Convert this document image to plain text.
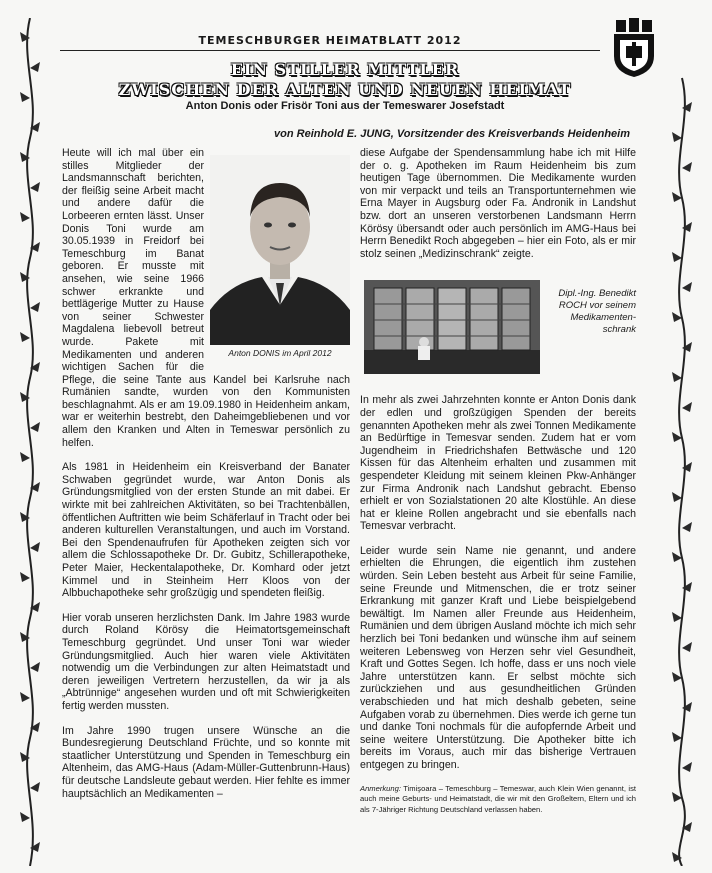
TEMESCHBURGER HEIMATBLATT 2012
EIN STILLER MITTLER
ZWISCHEN DER ALTEN UND NEUEN HEIMAT
Anton Donis oder Frisör Toni aus der Temeswarer Josefstadt
von Reinhold E. JUNG, Vorsitzender des Kreisverbands Heidenheim
Anton DONIS im April 2012

Heute will ich mal über ein stilles Mitglieder der Landsmannschaft berichten, der fleißig seine Arbeit macht und andere dafür die Lorbeeren ernten lässt. Unser Donis Toni wurde am 30.05.1939 in Freidorf bei Temeschburg im Banat geboren. Er musste mit ansehen, wie seine 1966 schwer erkrankte und bettlägerige Mutter zu Hause von seiner Schwester Magdalena liebevoll betreut wurde. Pakete mit Medikamenten und anderen wichtigen Sachen für die Pflege, die seine Tante aus Kandel bei Karlsruhe nach Rumänien sandte, wurden von den Kommunisten beschlagnahmt. Als er am 19.09.1980 in Heidenheim ankam, war er weiterhin bestrebt, den Daheimgebliebenen und vor allem den Kranken und Alten in Temeswar persönlich zu helfen.

Als 1981 in Heidenheim ein Kreisverband der Banater Schwaben gegründet wurde, war Anton Donis als Gründungsmitglied von der ersten Stunde an mit dabei. Er wirkte mit bei zahlreichen Aktivitäten, so bei Trachtenbällen, öffentlichen Auftritten wie beim Schäferlauf in Tracht oder bei anderen kulturellen Veranstaltungen, und auch im Vorstand. Bei den Spendenaufrufen für Apotheken zeigten sich vor allem die Schlossapotheke Dr. Dr. Gubitz, Schillerapotheke, Peter Maier, Heckentalapotheke, Dr. Komhard oder jetzt Kimmel und in Steinheim Herr Kloos von der Albbuchapotheke sehr großzügig und spendeten fleißig.

Hier vorab unseren herzlichsten Dank. Im Jahre 1983 wurde durch Roland Körösy die Heimatortsgemeinschaft Temeschburg gegründet. Und unser Toni war wieder Gründungsmitglied. Auch hier waren viele Aktivitäten notwendig um die Verbindungen zur alten Heimatstadt und deren jeweiligen Vertretern herzustellen, da wir ja als „Abtrünnige“ angesehen wurden und oft mit Schwierigkeiten fertig werden mussten.

Im Jahre 1990 trugen unsere Wünsche an die Bundesregierung Deutschland Früchte, und so konnte mit staatlicher Unterstützung und Spenden in Temeschburg ein Altenheim, das AMG-Haus (Adam-Müller-Guttenbrunn-Haus) für deutsche Landsleute gebaut werden. Hier fehlte es immer hauptsächlich an Medikamenten –

diese Aufgabe der Spendensammlung habe ich mit Hilfe der o. g. Apotheken im Raum Heidenheim bis zum heutigen Tage übernommen. Die Medikamente wurden von mir verpackt und teils an Transportunternehmen wie Erna Mayer in Augsburg oder Fa. Andronik in Landshut bzw. dort an unseren verstorbenen Landsmann Herrn Körösy übersandt oder auch persönlich im AMG-Haus bei Herrn Benedikt Roch abgegeben – hier ein Foto, als er mir stolz seinen „Medizinschrank“ zeigte.

Dipl.-Ing. Benedikt ROCH vor seinem Medikamenten-schrank

In mehr als zwei Jahrzehnten konnte er Anton Donis dank der edlen und großzügigen Spenden der bereits genannten Apotheken mehr als zwei Tonnen Medikamente an Bedürftige in Temesvar senden. Zudem hat er vom Jugendheim in Friedrichshafen Bettwäsche und 120 Kissen für das Altenheim erhalten und zusammen mit gespendeter Kleidung mit seinem kleinen Pkw-Anhänger zur Firma Andronik nach Landshut gebracht. Ebenso erhielt er von Sozialstationen 20 alte Klostühle. An diese hat er kleine Rollen angebracht und sie ebenfalls nach Temesvar verbracht.

Leider wurde sein Name nie genannt, und andere erhielten die Ehrungen, die eigentlich ihm zustehen würden. Sein Leben besteht aus Arbeit für seine Familie, seine Freunde und Mitmenschen, die er trotz seiner Erkrankung mit ganzer Kraft und Liebe beispielgebend bewältigt. Im Namen aller Freunde aus Heidenheim, Rumänien und dem übrigen Ausland möchte ich mich sehr herzlich bei Toni bedanken und wünsche ihm auf seinem weiteren Lebensweg von Herzen sehr viel Gesundheit, Kraft und Gottes Segen. Ich hoffe, dass er uns noch viele Jahre unterstützen kann. Er selbst möchte sich zurückziehen und aus gesundheitlichen Gründen verabschieden und hat mich deshalb gebeten, seine Aufgaben vorab zu übernehmen. Dies werde ich gerne tun und danke Toni nochmals für die aufopfernde Arbeit und seine weitere Unterstützung. Die Apotheker bitte ich bereits im Voraus, auch mir das bisherige Vertrauen entgegen zu bringen.

Anmerkung: Timişoara – Temeschburg – Temeswar, auch Klein Wien genannt, ist auch meine Geburts- und Heimatstadt, die wir mit den Großeltern, Eltern und ich als 7-Jähriger Richtung Deutschland verlassen haben.
